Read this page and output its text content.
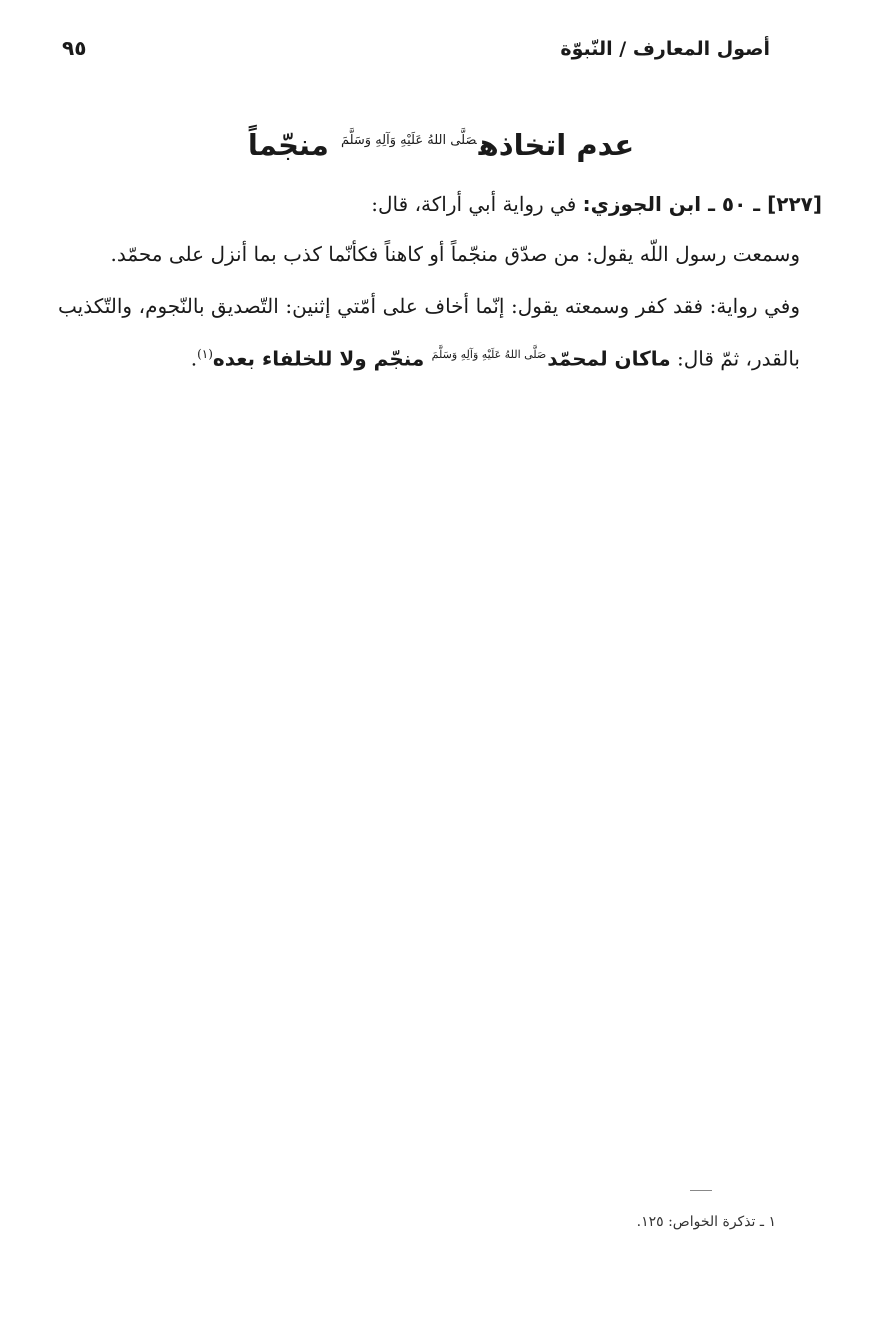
أصول المعارف / النّبوّة
٩٥
عدم اتخاذه$^{صَلَّى اللهُ عَلَيْهِ وَآلِهِ وَسَلَّمَ}$ منجّماً

[٢٢٧] ـ ٥٠ ـ ابن الجوزي: في رواية أبي أراكة، قال:

وسمعت رسول اللّه يقول: من صدّق منجّماً أو كاهناً فكأنّما كذب بما أنزل على محمّد.

وفي رواية: فقد كفر وسمعته يقول: إنّما أخاف على أمّتي إثنين: التّصديق بالنّجوم، والتّكذيب بالقدر، ثمّ قال: ماكان لمحمّد$^{صَلَّى اللهُ عَلَيْهِ وَآلِهِ وَسَلَّمَ}$ منجّم ولا للخلفاء بعده$^{(١)}$.

١ ـ تذكرة الخواص: ١٢٥.
